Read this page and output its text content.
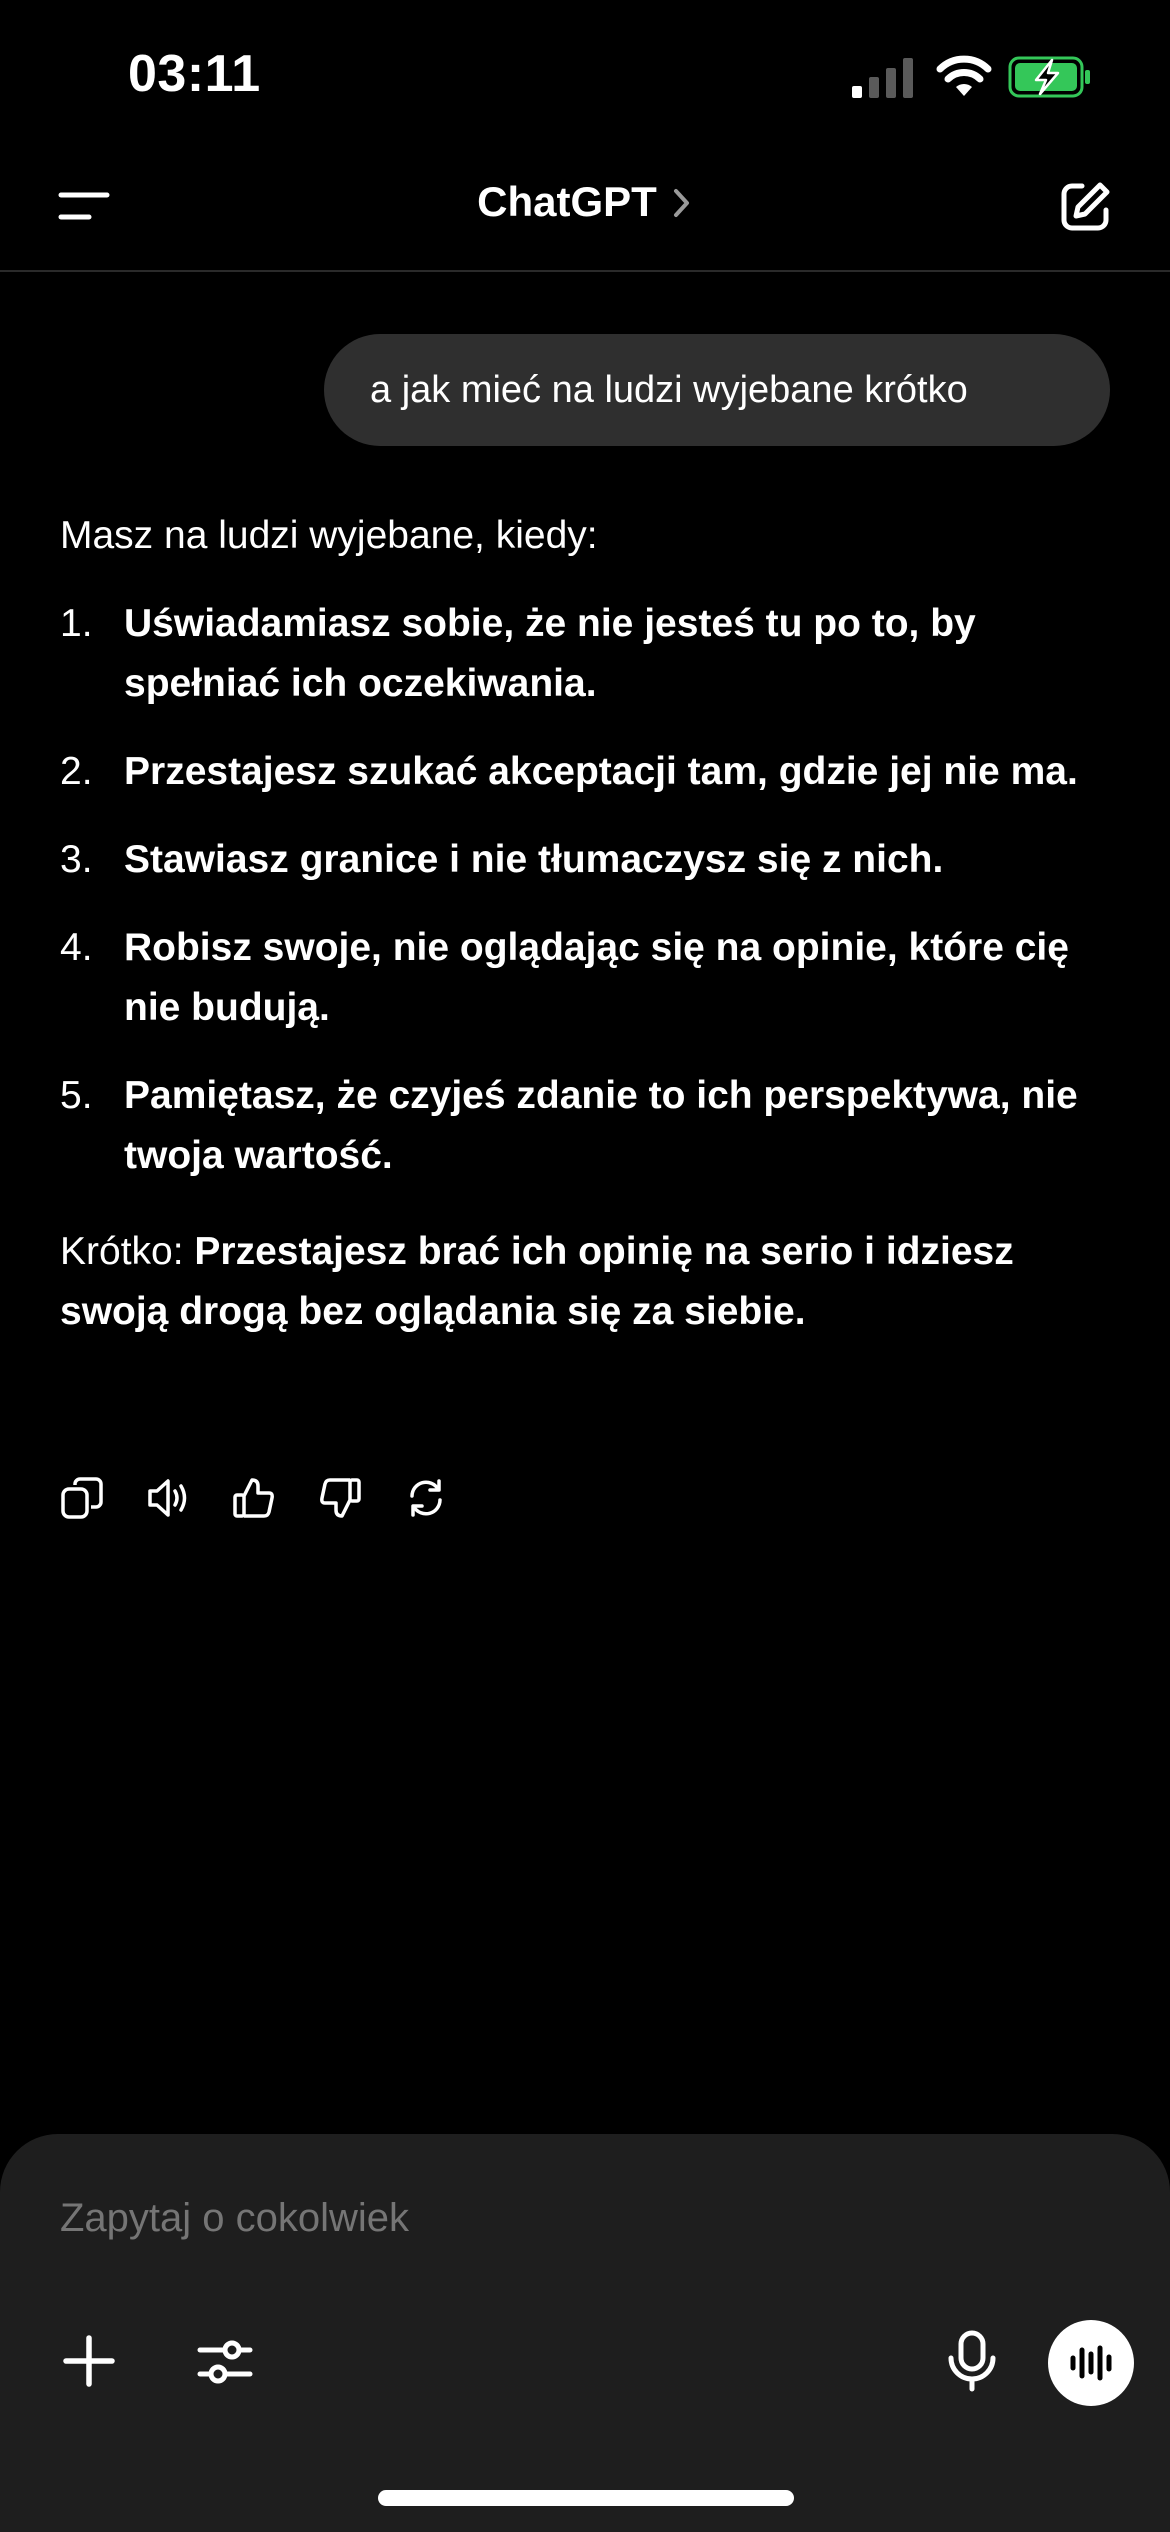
03:11
ChatGPT
a jak mieć na ludzi wyjebane krótko

Masz na ludzi wyjebane, kiedy:

1. Uświadamiasz sobie, że nie jesteś tu po to, by spełniać ich oczekiwania.
2. Przestajesz szukać akceptacji tam, gdzie jej nie ma.
3. Stawiasz granice i nie tłumaczysz się z nich.
4. Robisz swoje, nie oglądając się na opinie, które cię nie budują.
5. Pamiętasz, że czyjeś zdanie to ich perspektywa, nie twoja wartość.

Krótko: Przestajesz brać ich opinię na serio i idziesz swoją drogą bez oglądania się za siebie.

Zapytaj o cokolwiek
